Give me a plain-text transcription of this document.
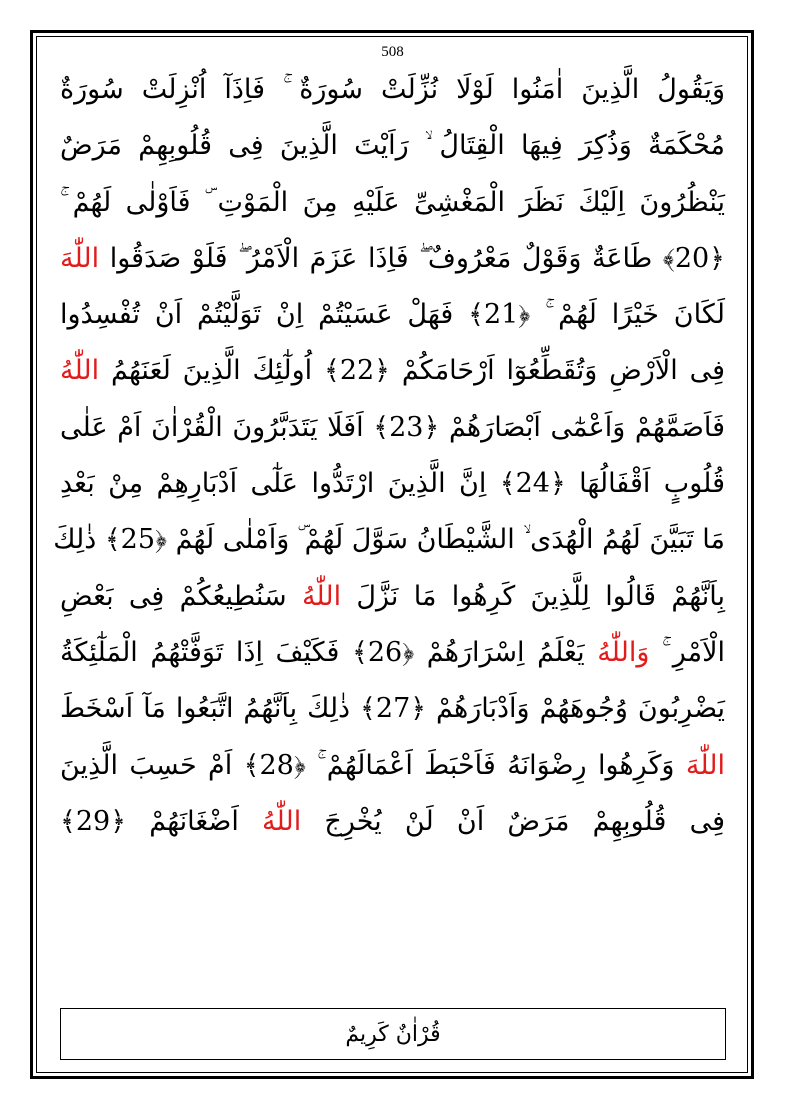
508
وَيَقُولُ الَّذِينَ اٰمَنُوا لَوْلَا نُزِّلَتْ سُورَةٌ ۚ فَاِذَآ اُنْزِلَتْ سُورَةٌ
مُحْكَمَةٌ وَذُكِرَ فِيهَا الْقِتَالُ ۙ رَاَيْتَ الَّذِينَ فِى قُلُوبِهِمْ مَرَضٌ
يَنْظُرُونَ اِلَيْكَ نَظَرَ الْمَغْشِىِّ عَلَيْهِ مِنَ الْمَوْتِ ۜ فَاَوْلٰى لَهُمْ ۚ
﴿20﴾ طَاعَةٌ وَقَوْلٌ مَعْرُوفٌ ۖ فَاِذَا عَزَمَ الْاَمْرُ ۖ فَلَوْ صَدَقُوا اللّٰهَ
لَكَانَ خَيْرًا لَهُمْ ۚ ﴿21﴾ فَهَلْ عَسَيْتُمْ اِنْ تَوَلَّيْتُمْ اَنْ تُفْسِدُوا
فِى الْاَرْضِ وَتُقَطِّعُوٓا اَرْحَامَكُمْ ﴿22﴾ اُولٰٓئِكَ الَّذِينَ لَعَنَهُمُ اللّٰهُ
فَاَصَمَّهُمْ وَاَعْمٰٓى اَبْصَارَهُمْ ﴿23﴾ اَفَلَا يَتَدَبَّرُونَ الْقُرْاٰنَ اَمْ عَلٰى
قُلُوبٍ اَقْفَالُهَا ﴿24﴾ اِنَّ الَّذِينَ ارْتَدُّوا عَلٰٓى اَدْبَارِهِمْ مِنْ بَعْدِ
مَا تَبَيَّنَ لَهُمُ الْهُدَى ۙ الشَّيْطَانُ سَوَّلَ لَهُمْ ۜ وَاَمْلٰى لَهُمْ ﴿25﴾ ذٰلِكَ
بِاَنَّهُمْ قَالُوا لِلَّذِينَ كَرِهُوا مَا نَزَّلَ اللّٰهُ سَنُطِيعُكُمْ فِى بَعْضِ
الْاَمْرِ ۚ وَاللّٰهُ يَعْلَمُ اِسْرَارَهُمْ ﴿26﴾ فَكَيْفَ اِذَا تَوَفَّتْهُمُ الْمَلٰٓئِكَةُ
يَضْرِبُونَ وُجُوهَهُمْ وَاَدْبَارَهُمْ ﴿27﴾ ذٰلِكَ بِاَنَّهُمُ اتَّبَعُوا مَآ اَسْخَطَ
اللّٰهَ وَكَرِهُوا رِضْوَانَهُ فَاَحْبَطَ اَعْمَالَهُمْ ۚ ﴿28﴾ اَمْ حَسِبَ الَّذِينَ
فِى قُلُوبِهِمْ مَرَضٌ اَنْ لَنْ يُخْرِجَ اللّٰهُ اَضْغَانَهُمْ ﴿29﴾
قُرْاٰنٌ كَرِيمٌ
